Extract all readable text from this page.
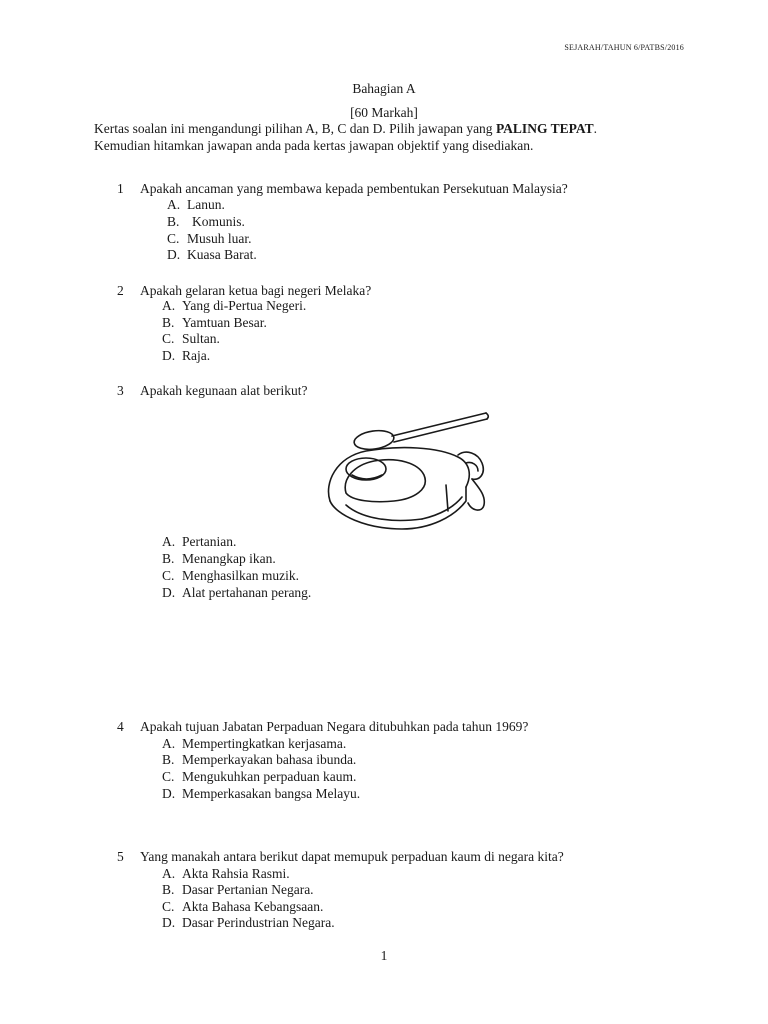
SEJARAH/TAHUN 6/PATBS/2016
Bahagian A
[60 Markah]
Kertas soalan ini mengandungi pilihan A, B, C dan D. Pilih jawapan yang PALING TEPAT.
Kemudian hitamkan jawapan anda pada kertas jawapan objektif yang disediakan.
1 Apakah ancaman yang membawa kepada pembentukan Persekutuan Malaysia?
A. Lanun.
B. Komunis.
C. Musuh luar.
D. Kuasa Barat.
2 Apakah gelaran ketua bagi negeri Melaka?
A. Yang di-Pertua Negeri.
B. Yamtuan Besar.
C. Sultan.
D. Raja.
3 Apakah kegunaan alat berikut?
A. Pertanian.
B. Menangkap ikan.
C. Menghasilkan muzik.
D. Alat pertahanan perang.
4 Apakah tujuan Jabatan Perpaduan Negara ditubuhkan pada tahun 1969?
A. Mempertingkatkan kerjasama.
B. Memperkayakan bahasa ibunda.
C. Mengukuhkan perpaduan kaum.
D. Memperkasakan bangsa Melayu.
5 Yang manakah antara berikut dapat memupuk perpaduan kaum di negara kita?
A. Akta Rahsia Rasmi.
B. Dasar Pertanian Negara.
C. Akta Bahasa Kebangsaan.
D. Dasar Perindustrian Negara.
1
